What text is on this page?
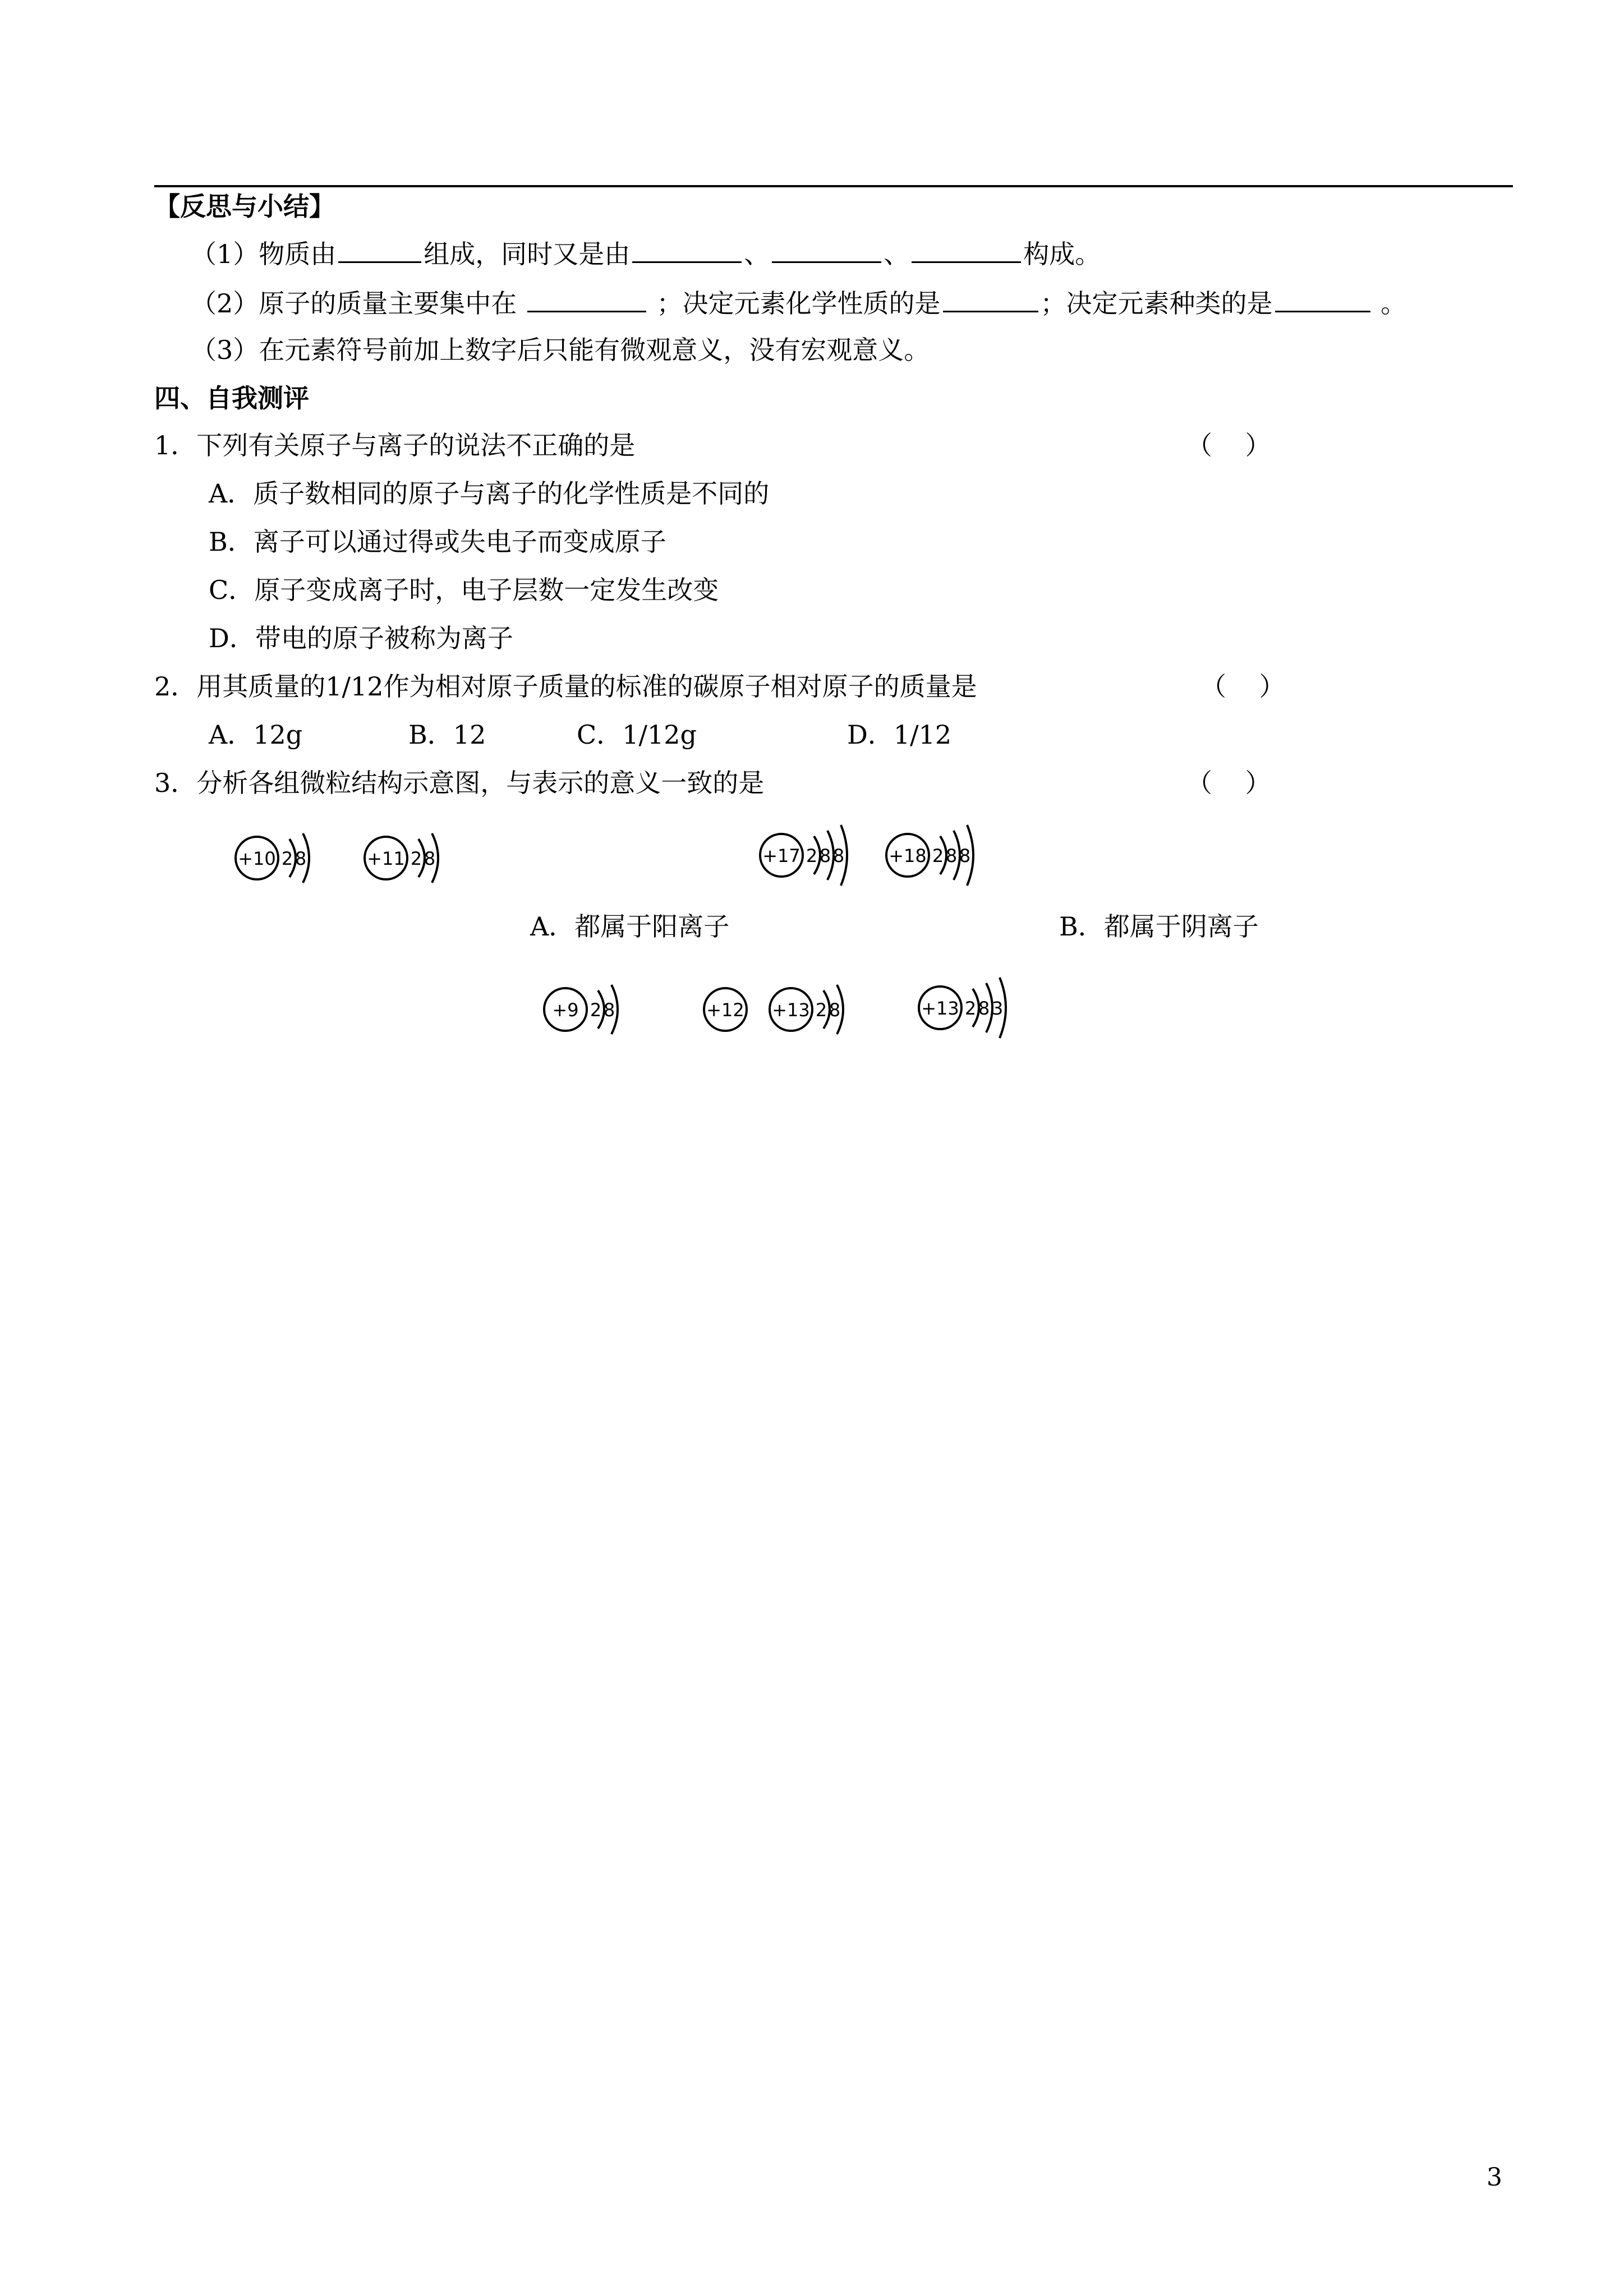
【反思与小结】
（1）物质由	组成，同时又是由	、	、	构成。
（2）原子的质量主要集中在	；决定元素化学性质的是	；决定元素种类的是	。
（3）在元素符号前加上数字后只能有微观意义，没有宏观意义。
四、自我测评
1．下列有关原子与离子的说法不正确的是	（    ）
A．质子数相同的原子与离子的化学性质是不同的
B．离子可以通过得或失电子而变成原子
C．原子变成离子时，电子层数一定发生改变
D．带电的原子被称为离子
2．用其质量的1/12作为相对原子质量的标准的碳原子相对原子的质量是	（    ）
A．12g	B．12	C．1/12g	D．1/12
3．分析各组微粒结构示意图，与表示的意义一致的是	（    ）
+10 2 8	+11 2 8	+17 2 8 8 +18 2 8 8
A．都属于阳离子	B．都属于阴离子
+9 2 8	+12 +13 2 8	+13 2 8 3
3
